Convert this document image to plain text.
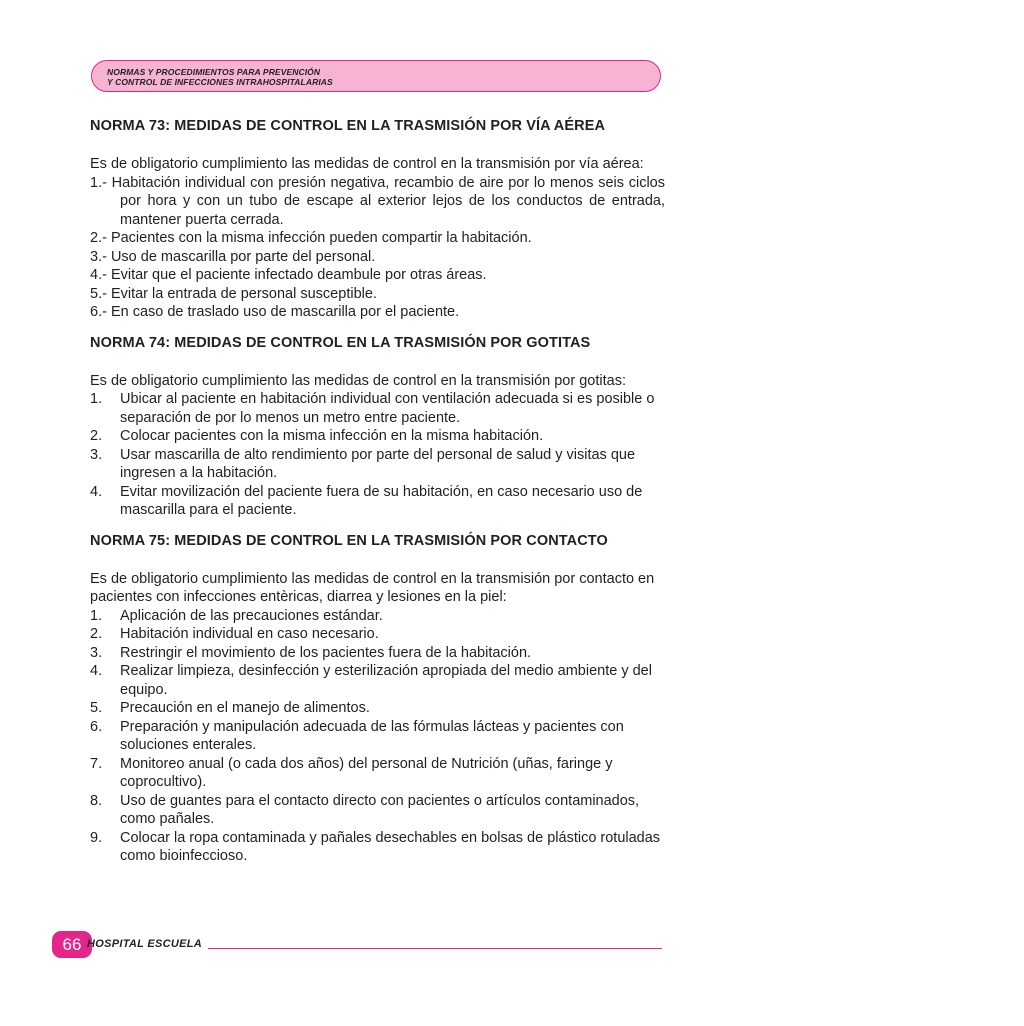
NORMAS Y PROCEDIMIENTOS PARA PREVENCIÓN
Y CONTROL DE INFECCIONES INTRAHOSPITALARIAS
NORMA 73: MEDIDAS DE CONTROL EN LA TRASMISIÓN POR VÍA AÉREA

Es de obligatorio cumplimiento las medidas de control en la transmisión por vía aérea:

1.- Habitación individual con presión negativa, recambio de aire por lo menos seis ciclos por hora y con un tubo de escape al exterior lejos de los conductos de entrada, mantener puerta cerrada.
2.- Pacientes con la misma infección pueden compartir la habitación.
3.- Uso de mascarilla por parte del personal.
4.- Evitar que el paciente infectado deambule por otras áreas.
5.- Evitar la entrada de personal susceptible.
6.- En caso de traslado uso de mascarilla por el paciente.
NORMA 74: MEDIDAS DE CONTROL EN LA TRASMISIÓN POR GOTITAS

Es de obligatorio cumplimiento las medidas de control en la transmisión por gotitas:

1. Ubicar al paciente en habitación individual con ventilación adecuada si es posible o separación de por lo menos un metro entre paciente.
2. Colocar pacientes con la misma infección en la misma habitación.
3. Usar mascarilla de alto rendimiento por parte del personal de salud y visitas que ingresen a la habitación.
4. Evitar movilización del paciente fuera de su habitación, en caso necesario uso de mascarilla para el paciente.
NORMA 75: MEDIDAS DE CONTROL EN LA TRASMISIÓN POR CONTACTO

Es de obligatorio cumplimiento las medidas de control en la transmisión por contacto en pacientes con infecciones entèricas, diarrea y lesiones en la piel:

1. Aplicación de las precauciones estándar.
2. Habitación individual en caso necesario.
3. Restringir el movimiento de los pacientes fuera de la habitación.
4. Realizar limpieza, desinfección y esterilización apropiada del medio ambiente y del equipo.
5. Precaución en el manejo de alimentos.
6. Preparación y manipulación adecuada de las fórmulas lácteas y pacientes con soluciones enterales.
7. Monitoreo anual (o cada dos años) del personal de Nutrición (uñas, faringe y coprocultivo).
8. Uso de guantes para el contacto directo con pacientes o artículos contaminados, como pañales.
9. Colocar la ropa contaminada y pañales desechables en bolsas de plástico rotuladas como bioinfeccioso.
66 HOSPITAL ESCUELA
